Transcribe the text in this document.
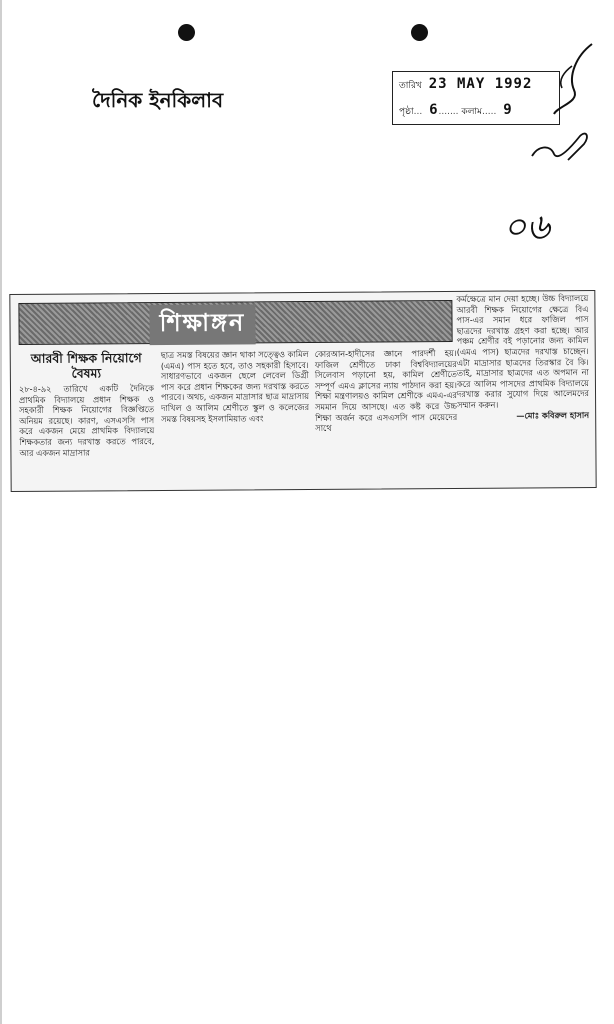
দৈনিক ইনকিলাব
তারিখ 23 MAY 1992
পৃষ্ঠা... 6....... কলাম..... 9
০৬
শিক্ষাঙ্গন
আরবী শিক্ষক নিয়োগে বৈষম্য
২৮-৪-৯২ তারিখে একটি দৈনিকে প্রাথমিক বিদ্যালয়ে প্রধান শিক্ষক ও সহকারী শিক্ষক নিয়োগের বিজ্ঞপ্তিতে অনিয়ম রয়েছে। কারণ, এসএসসি পাস করে একজন মেয়ে প্রাথমিক বিদ্যালয়ে শিক্ষকতার জন্য দরখাস্ত করতে পারবে, আর একজন মাদ্রাসার
ছাত্র সমস্ত বিষয়ের জ্ঞান থাকা সত্ত্বেও কামিল (এমএ) পাস হতে হবে, তাও সহকারী হিসাবে। সাধারণভাবে একজন ছেলে লেবেল ডিগ্রী পাস করে প্রধান শিক্ষকের জন্য দরখাস্ত করতে পারবে। অথচ, একজন মাদ্রাসার ছাত্র মাদ্রাসায় দাখিল ও আলিম শ্রেণীতে স্কুল ও কলেজের সমস্ত বিষয়সহ ইসলামিয়াত এবং
কোরআন-হাদীসের জ্ঞানে পারদর্শী হয়। ফাজিল শ্রেণীতে ঢাকা বিশ্ববিদ্যালয়ের সিলেবাস পড়ানো হয়, কামিল শ্রেণীতে সম্পূর্ণ এমএ ক্লাসের ন্যায় পাঠদান করা হয়। শিক্ষা মন্ত্রণালয়ও কামিল শ্রেণীকে এমএ-এর সমমান দিয়ে আসছে। এত কষ্ট করে উচ্চ শিক্ষা অর্জন করে এসএসসি পাস মেয়েদের সাথে
কর্মক্ষেত্রে মান দেয়া হচ্ছে। উচ্চ বিদ্যালয়ে আরবী শিক্ষক নিয়োগের ক্ষেত্রে বিএ পাস-এর সমান ধরে ফাজিল পাস ছাত্রদের দরখাস্ত গ্রহণ করা হচ্ছে। আর পঞ্চম শ্রেণীর বই পড়ানোর জন্য কামিল (এমএ পাস) ছাত্রদের দরখাস্ত চাচ্ছেন। এটা মাদ্রাসার ছাত্রদের তিরস্কার বৈ কি। তাই, মাদ্রাসার ছাত্রদের এত অপমান না করে আলিম পাসদের প্রাথমিক বিদ্যালয়ে দরখাস্ত করার সুযোগ দিয়ে আলেমদের সম্মান করুন।
—মোঃ কবিরুল হাসান
